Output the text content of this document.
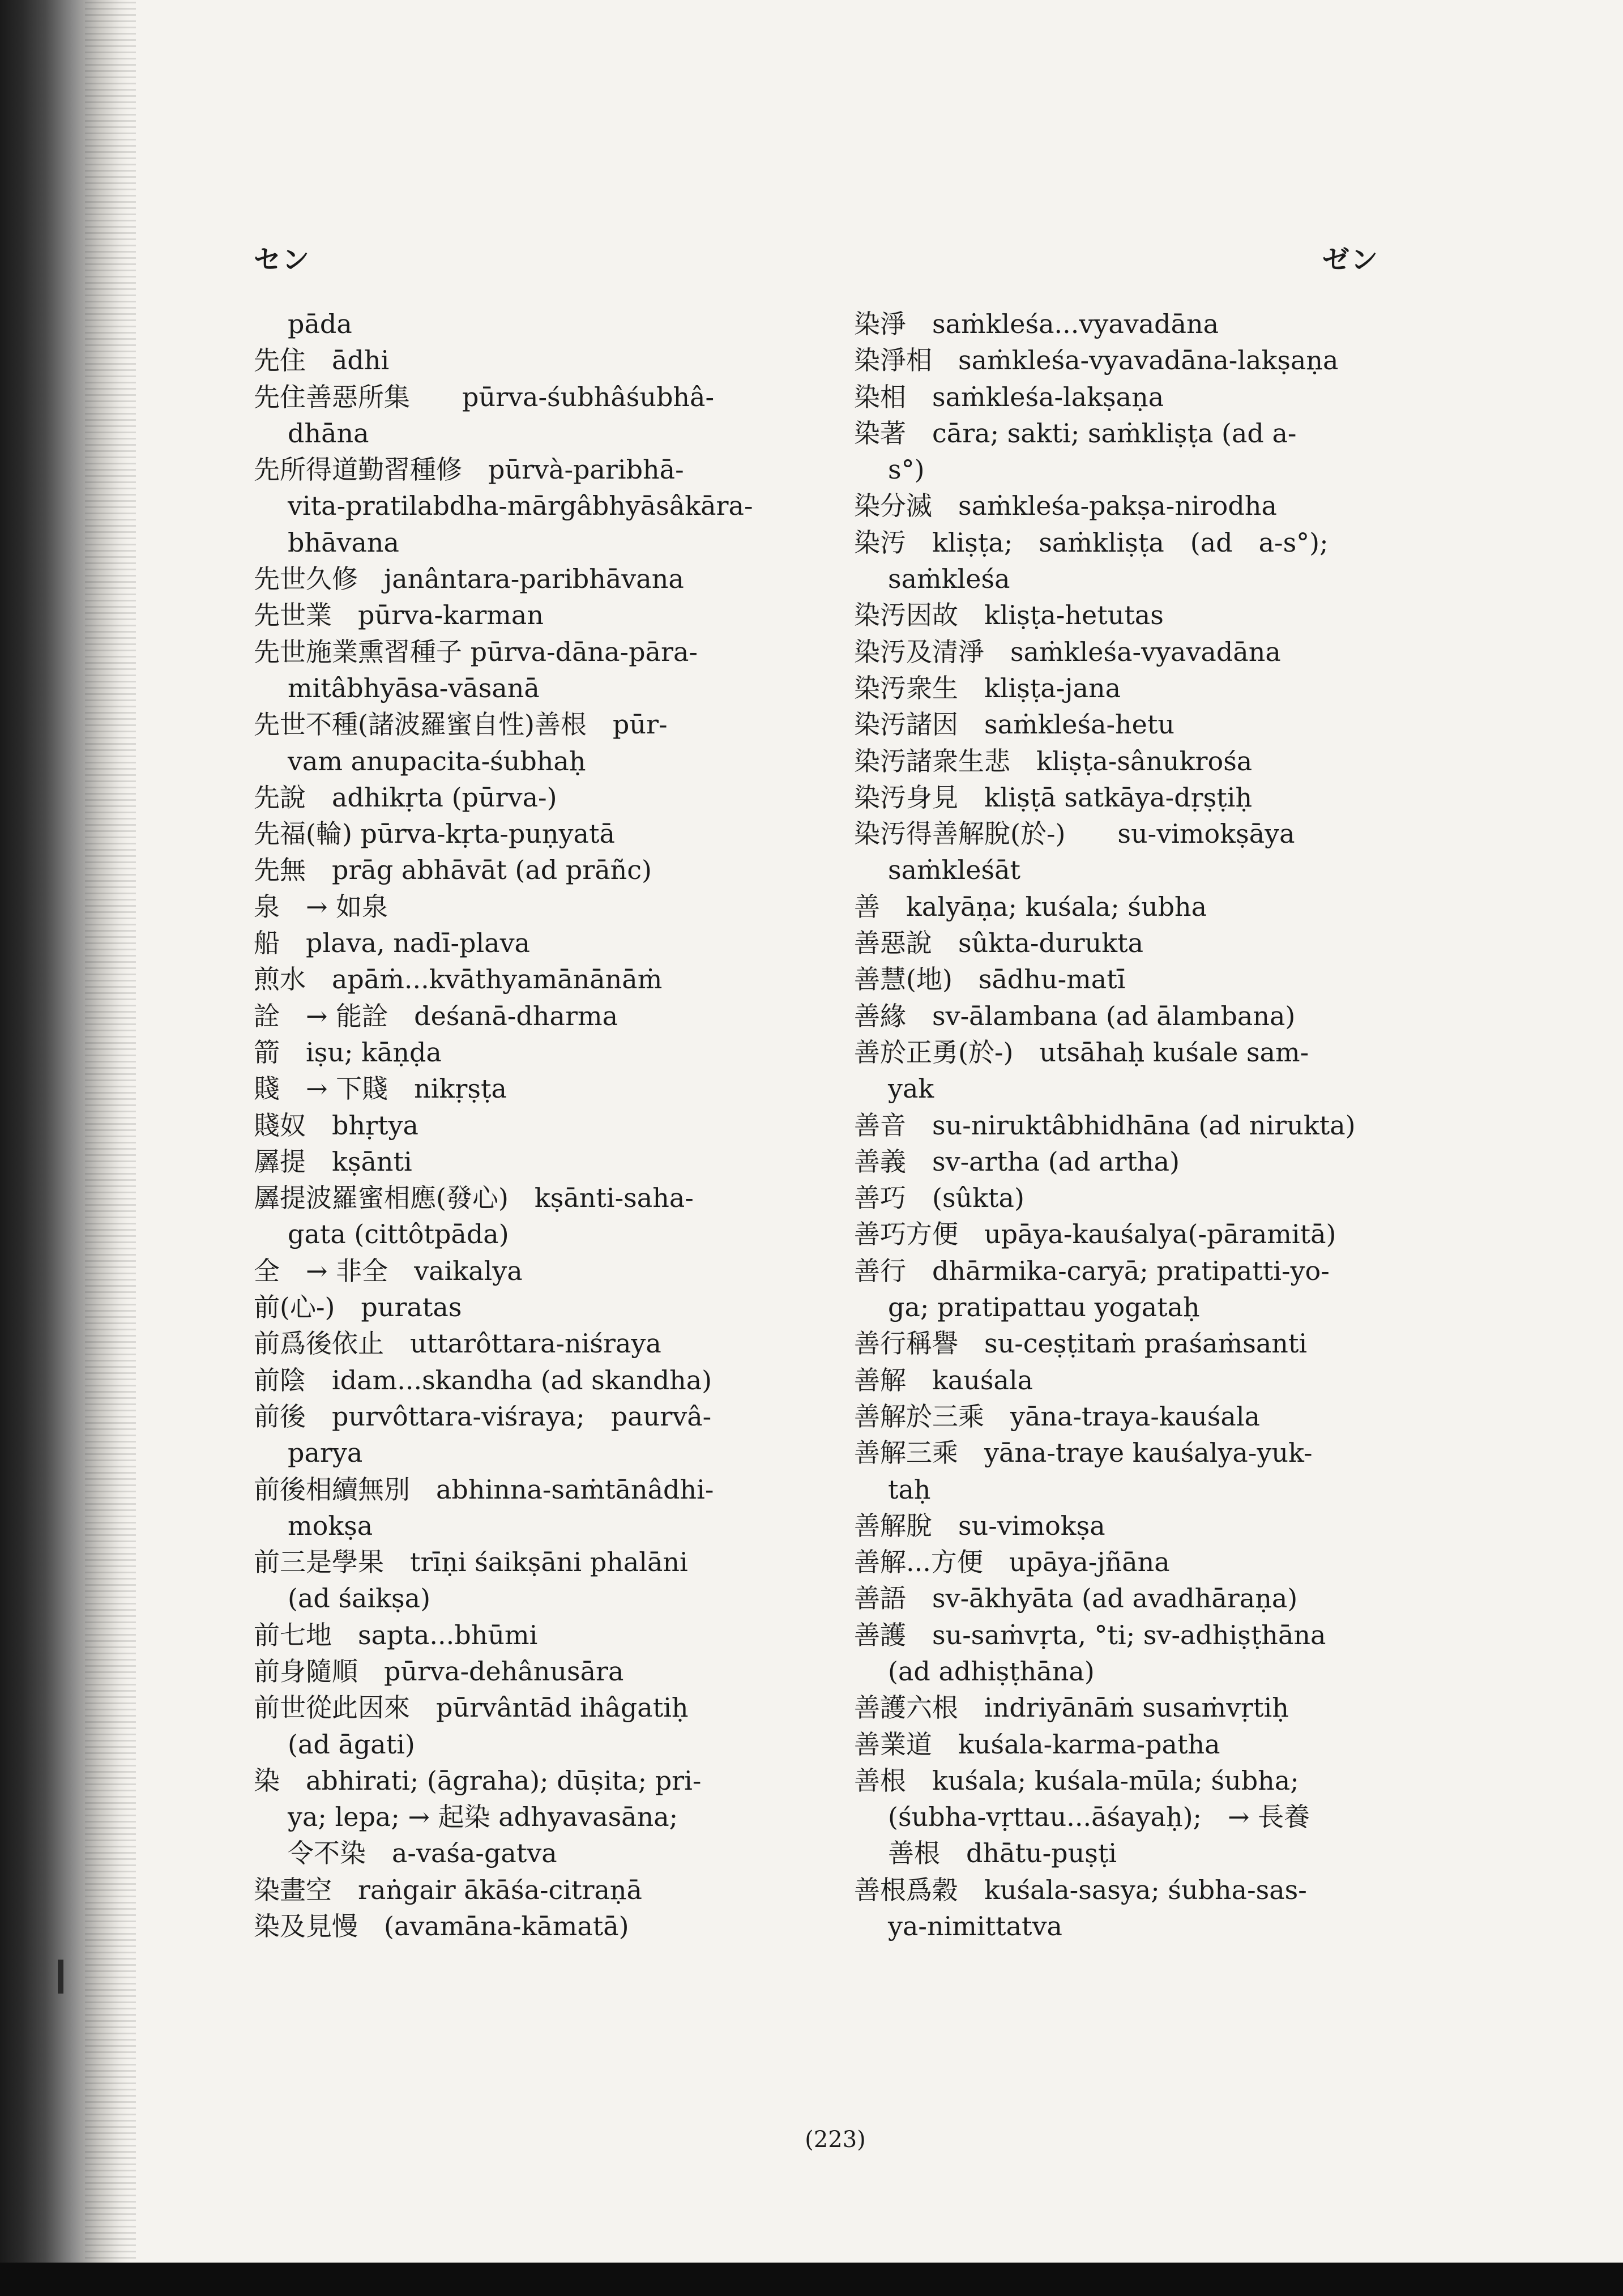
セン	ゼン
pāda
先住　ādhi
先住善惡所集　　pūrva-śubhâśubhâ-
dhāna
先所得道勤習種修　pūrvà-paribhā-
vita-pratilabdha-mārgâbhyāsâkāra-
bhāvana
先世久修　janântara-paribhāvana
先世業　pūrva-karman
先世施業熏習種子 pūrva-dāna-pāra-
mitâbhyāsa-vāsanā
先世不種(諸波羅蜜自性)善根　pūr-
vam anupacita-śubhaḥ
先說　adhikṛta (pūrva-)
先福(輪) pūrva-kṛta-puṇyatā
先無　prāg abhāvāt (ad prāñc)
泉　→ 如泉
船　plava, nadī-plava
煎水　apāṁ...kvāthyamānānāṁ
詮　→ 能詮　deśanā-dharma
箭　iṣu; kāṇḍa
賤　→ 下賤　nikṛṣṭa
賤奴　bhṛtya
羼提　kṣānti
羼提波羅蜜相應(發心)　kṣānti-saha-
gata (cittôtpāda)
全　→ 非全　vaikalya
前(心-)　puratas
前爲後依止　uttarôttara-niśraya
前陰　idam...skandha (ad skandha)
前後　purvôttara-viśraya;　paurvâ-
parya
前後相續無別　abhinna-saṁtānâdhi-
mokṣa
前三是學果　trīṇi śaikṣāni phalāni
(ad śaikṣa)
前七地　sapta...bhūmi
前身隨順　pūrva-dehânusāra
前世從此因來　pūrvântād ihâgatiḥ
(ad āgati)
染　abhirati; (āgraha); dūṣita; pri-
ya; lepa; → 起染 adhyavasāna;
令不染　a-vaśa-gatva
染畫空　raṅgair ākāśa-citraṇā
染及見慢　(avamāna-kāmatā)
染淨　saṁkleśa...vyavadāna
染淨相　saṁkleśa-vyavadāna-lakṣaṇa
染相　saṁkleśa-lakṣaṇa
染著　cāra; sakti; saṁkliṣṭa (ad a-
s°)
染分滅　saṁkleśa-pakṣa-nirodha
染汚　kliṣṭa;　saṁkliṣṭa　(ad　a-s°);
saṁkleśa
染汚因故　kliṣṭa-hetutas
染汚及清淨　saṁkleśa-vyavadāna
染汚衆生　kliṣṭa-jana
染汚諸因　saṁkleśa-hetu
染汚諸衆生悲　kliṣṭa-sânukrośa
染汚身見　kliṣṭā satkāya-dṛṣṭiḥ
染汚得善解脫(於-)　　su-vimokṣāya
saṁkleśāt
善　kalyāṇa; kuśala; śubha
善惡說　sûkta-durukta
善慧(地)　sādhu-matī
善緣　sv-ālambana (ad ālambana)
善於正勇(於-)　utsāhaḥ kuśale sam-
yak
善音　su-niruktâbhidhāna (ad nirukta)
善義　sv-artha (ad artha)
善巧　(sûkta)
善巧方便　upāya-kauśalya(-pāramitā)
善行　dhārmika-caryā; pratipatti-yo-
ga; pratipattau yogataḥ
善行稱譽　su-ceṣṭitaṁ praśaṁsanti
善解　kauśala
善解於三乘　yāna-traya-kauśala
善解三乘　yāna-traye kauśalya-yuk-
taḥ
善解脫　su-vimokṣa
善解...方便　upāya-jñāna
善語　sv-ākhyāta (ad avadhāraṇa)
善護　su-saṁvṛta, °ti; sv-adhiṣṭhāna
(ad adhiṣṭhāna)
善護六根　indriyānāṁ susaṁvṛtiḥ
善業道　kuśala-karma-patha
善根　kuśala; kuśala-mūla; śubha;
(śubha-vṛttau...āśayaḥ);　→ 長養
善根　dhātu-puṣṭi
善根爲穀　kuśala-sasya; śubha-sas-
ya-nimittatva
(223)
